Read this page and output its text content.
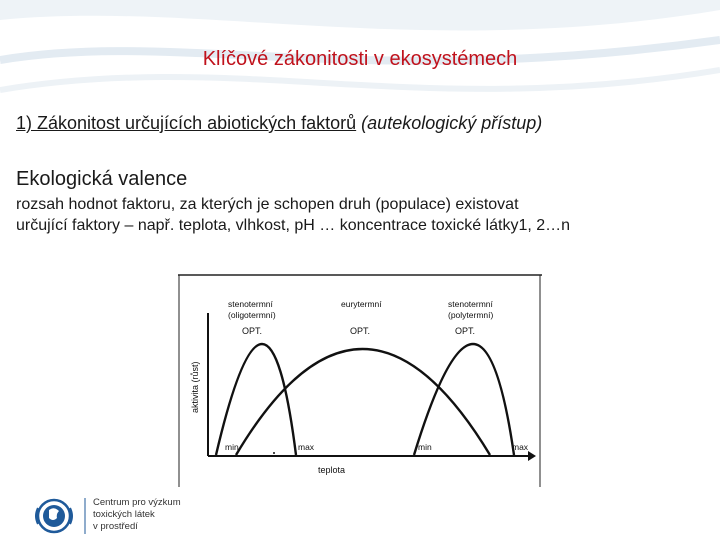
Klíčové zákonitosti v ekosystémech
1) Zákonitost určujících abiotických faktorů (autekologický přístup)
Ekologická valence
rozsah hodnot faktoru, za kterých je schopen druh (populace) existovat
určující faktory – např. teplota, vlhkost, pH … koncentrace toxické látky1, 2…n
aktivita (růst)
teplota
stenotermní
(oligotermní)
OPT.
eurytermní
OPT.
stenotermní
(polytermní)
OPT.
min	max	min	max
Centrum pro výzkum
toxických látek
v prostředí
